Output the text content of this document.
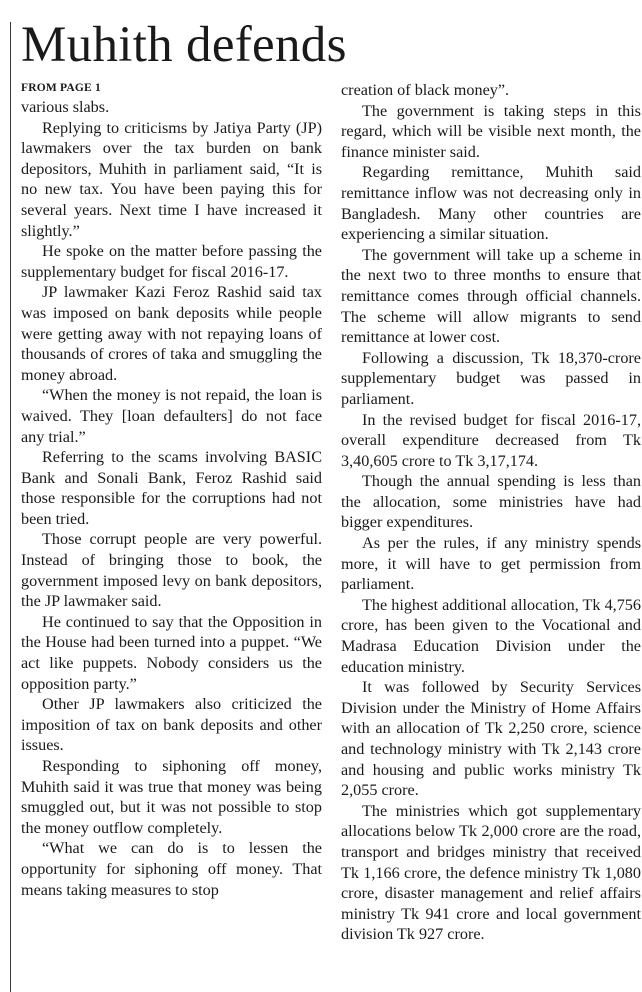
Muhith defends
FROM PAGE 1

various slabs.

Replying to criticisms by Jatiya Party (JP) lawmakers over the tax burden on bank depositors, Muhith in parliament said, “It is no new tax. You have been paying this for several years. Next time I have increased it slightly.”

He spoke on the matter before passing the supplementary budget for fiscal 2016-17.

JP lawmaker Kazi Feroz Rashid said tax was imposed on bank deposits while people were getting away with not repaying loans of thousands of crores of taka and smuggling the money abroad.

“When the money is not repaid, the loan is waived. They [loan defaulters] do not face any trial.”

Referring to the scams involving BASIC Bank and Sonali Bank, Feroz Rashid said those responsible for the corruptions had not been tried.

Those corrupt people are very powerful. Instead of bringing those to book, the government imposed levy on bank depositors, the JP lawmaker said.

He continued to say that the Opposition in the House had been turned into a puppet. “We act like puppets. Nobody considers us the opposition party.”

Other JP lawmakers also criticized the imposition of tax on bank deposits and other issues.

Responding to siphoning off money, Muhith said it was true that money was being smuggled out, but it was not possible to stop the money outflow completely.

“What we can do is to lessen the opportunity for siphoning off money. That means taking measures to stop

creation of black money”.

The government is taking steps in this regard, which will be visible next month, the finance minister said.

Regarding remittance, Muhith said remittance inflow was not decreasing only in Bangladesh. Many other countries are experiencing a similar situation.

The government will take up a scheme in the next two to three months to ensure that remittance comes through official channels. The scheme will allow migrants to send remittance at lower cost.

Following a discussion, Tk 18,370-crore supplementary budget was passed in parliament.

In the revised budget for fiscal 2016-17, overall expenditure decreased from Tk 3,40,605 crore to Tk 3,17,174.

Though the annual spending is less than the allocation, some ministries have had bigger expenditures.

As per the rules, if any ministry spends more, it will have to get permission from parliament.

The highest additional allocation, Tk 4,756 crore, has been given to the Vocational and Madrasa Education Division under the education ministry.

It was followed by Security Services Division under the Ministry of Home Affairs with an allocation of Tk 2,250 crore, science and technology ministry with Tk 2,143 crore and housing and public works ministry Tk 2,055 crore.

The ministries which got supplementary allocations below Tk 2,000 crore are the road, transport and bridges ministry that received Tk 1,166 crore, the defence ministry Tk 1,080 crore, disaster management and relief affairs ministry Tk 941 crore and local government division Tk 927 crore.
